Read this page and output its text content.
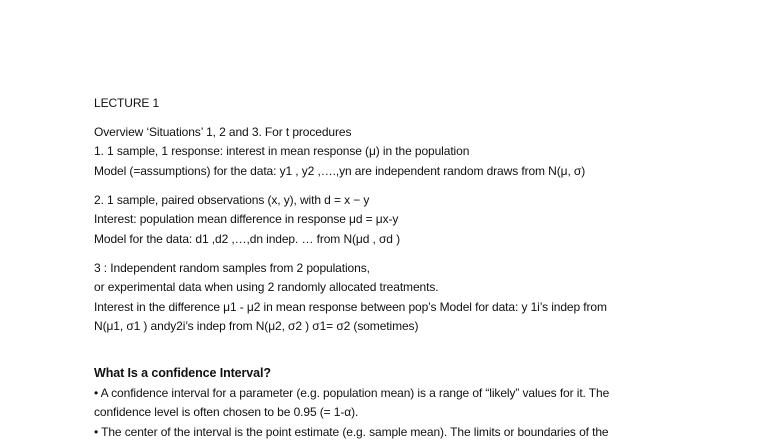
LECTURE 1
Overview ‘Situations’ 1, 2 and 3. For t procedures
1. 1 sample, 1 response: interest in mean response (μ) in the population
Model (=assumptions) for the data: y1 , y2 ,….,yn are independent random draws from N(μ, σ)
2. 1 sample, paired observations (x, y), with d = x − y
Interest: population mean difference in response μd = μx-y
Model for the data: d1 ,d2 ,…,dn indep. … from N(μd , σd )
3 : Independent random samples from 2 populations,
or experimental data when using 2 randomly allocated treatments.
Interest in the difference μ1 - μ2 in mean response between pop’s Model for data: y 1i’s indep from
N(μ1, σ1 ) andy2i’s indep from N(μ2, σ2 ) σ1= σ2 (sometimes)
What Is a confidence Interval?
• A confidence interval for a parameter (e.g. population mean) is a range of “likely” values for it. The
confidence level is often chosen to be 0.95 (= 1-α).
• The center of the interval is the point estimate (e.g. sample mean). The limits or boundaries of the
